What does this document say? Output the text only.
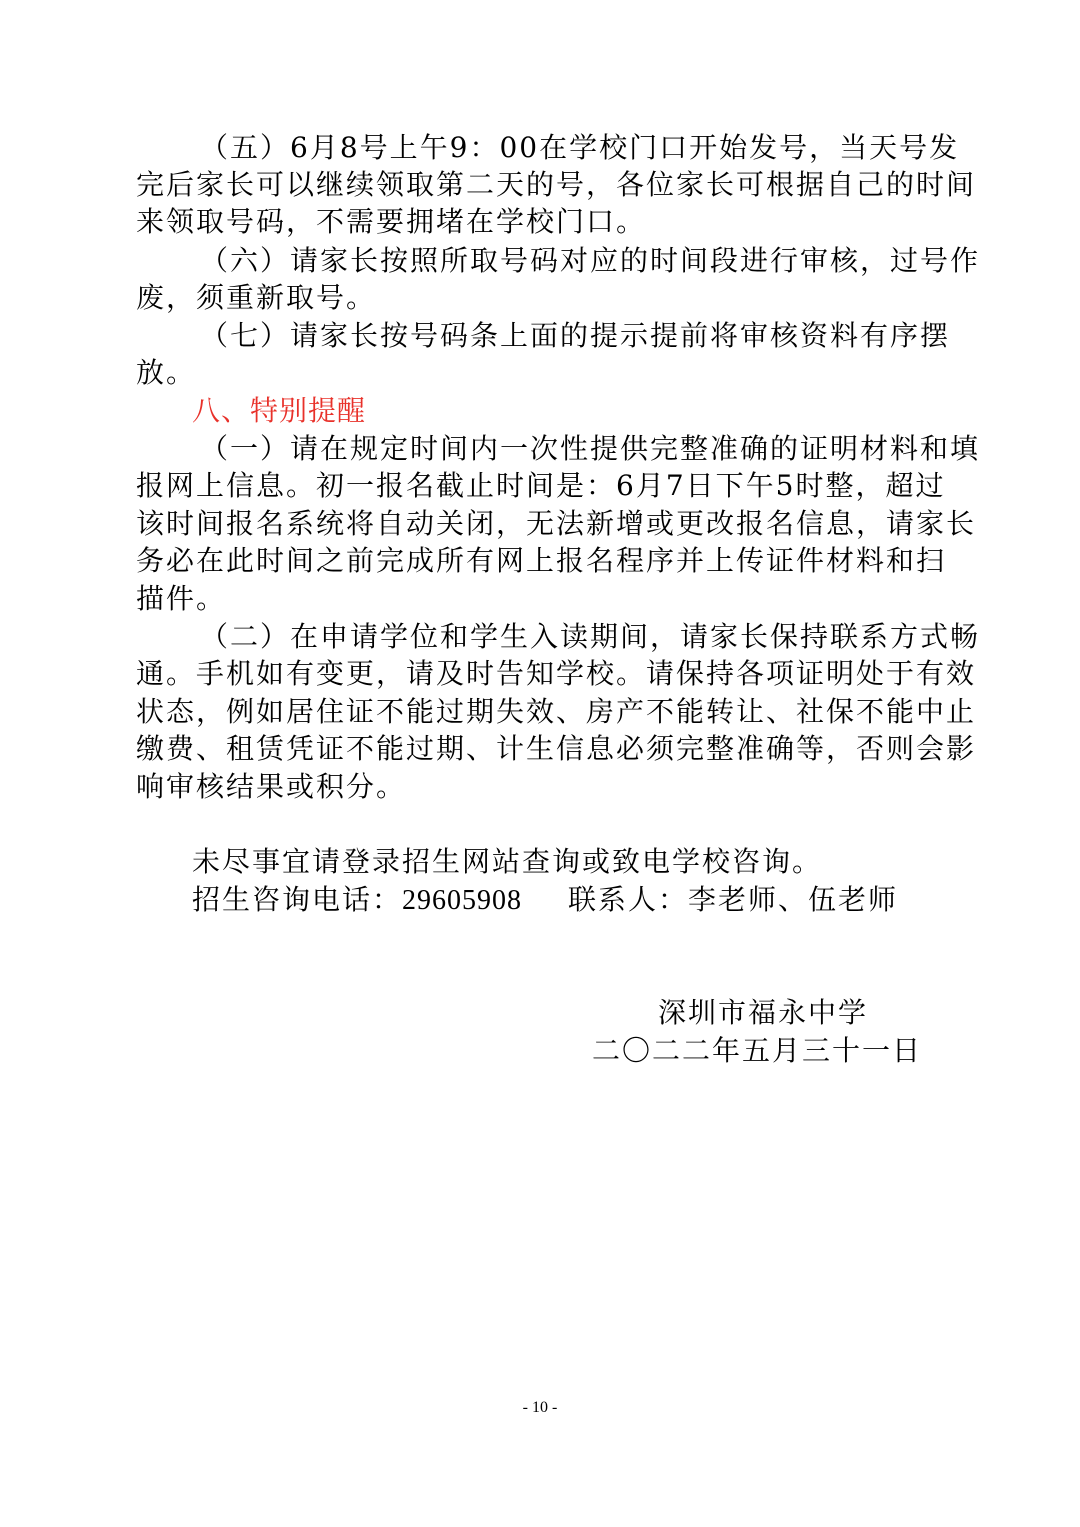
（五）6月8号上午9：00在学校门口开始发号，当天号发
完后家长可以继续领取第二天的号，各位家长可根据自己的时间
来领取号码，不需要拥堵在学校门口。
（六）请家长按照所取号码对应的时间段进行审核，过号作
废，须重新取号。
（七）请家长按号码条上面的提示提前将审核资料有序摆
放。
八、特别提醒
（一）请在规定时间内一次性提供完整准确的证明材料和填
报网上信息。初一报名截止时间是：6月7日下午5时整，超过
该时间报名系统将自动关闭，无法新增或更改报名信息，请家长
务必在此时间之前完成所有网上报名程序并上传证件材料和扫
描件。
（二）在申请学位和学生入读期间，请家长保持联系方式畅
通。手机如有变更，请及时告知学校。请保持各项证明处于有效
状态，例如居住证不能过期失效、房产不能转让、社保不能中止
缴费、租赁凭证不能过期、计生信息必须完整准确等，否则会影
响审核结果或积分。
未尽事宜请登录招生网站查询或致电学校咨询。
招生咨询电话：29605908 联系人：李老师、伍老师
深圳市福永中学
二〇二二年五月三十一日
- 10 -
